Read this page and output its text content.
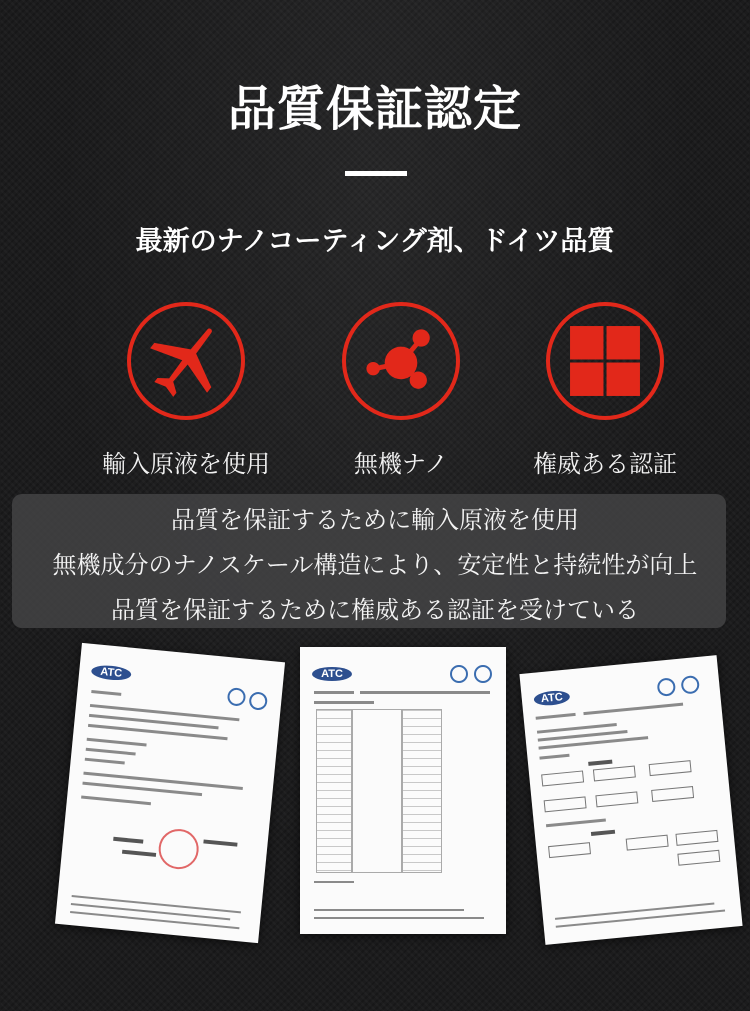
品質保証認定
最新のナノコーティング剤、ドイツ品質
輸入原液を使用	無機ナノ	権威ある認証
品質を保証するために輸入原液を使用
無機成分のナノスケール構造により、安定性と持続性が向上
品質を保証するために権威ある認証を受けている
ATC	ATC
ATC
